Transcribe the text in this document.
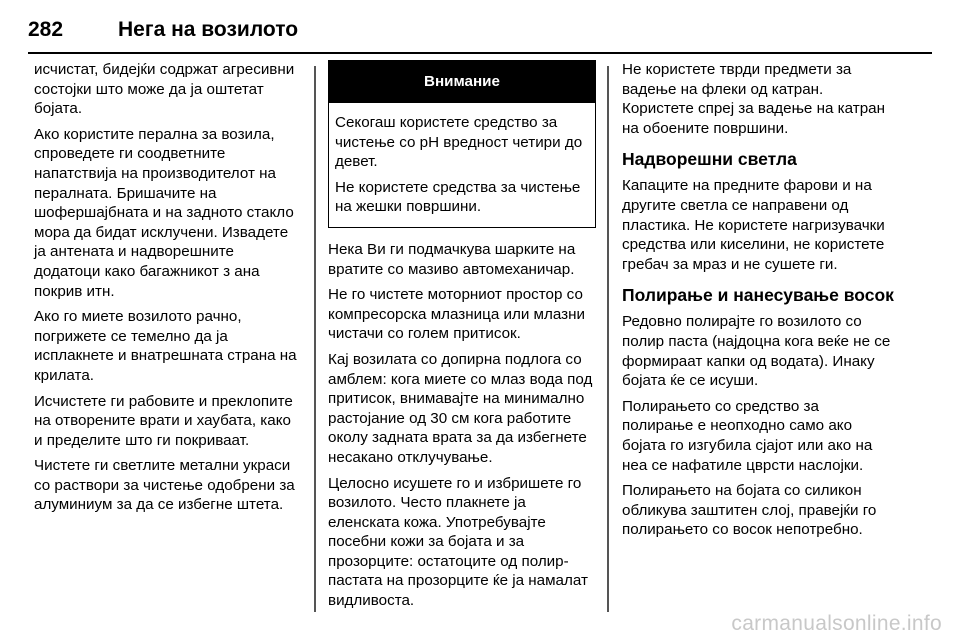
282	Нега на возилото

исчистат, бидејќи содржат агресивни состојки што може да ја оштетат бојата.

Ако користите перална за возила, спроведете ги соодветните напатствија на производителот на пералната. Бришачите на шофершајбната и на задното стакло мора да бидат исклучени. Извадете ја антената и надворешните додатоци како багажникот з ана покрив итн.

Ако го миете возилото рачно, погрижете се темелно да ја исплакнете и внатрешната страна на крилата.

Исчистете ги рабовите и преклопите на отворените врати и хаубата, како и пределите што ги покриваат.

Чистете ги светлите метални украси со раствори за чистење одобрени за алуминиум за да се избегне штета.

Внимание

Секогаш користете средство за чистење со pH вредност четири до девет.

Не користете средства за чистење на жешки површини.

Нека Ви ги подмачкува шарките на вратите со мазиво автомеханичар.

Не го чистете моторниот простор со компресорска млазница или млазни чистачи со голем притисок.

Кај возилата со допирна подлога со амблем: кога миете со млаз вода под притисок, внимавајте на минимално растојание од 30 см кога работите околу задната врата за да избегнете несакано отклучување.

Целосно исушете го и избришете го возилото. Често плакнете ја еленската кожа. Употребувајте посебни кожи за бојата и за прозорците: остатоците од полир-пастата на прозорците ќе ја намалат видливоста.

Не користете тврди предмети за вадење на флеки од катран. Користете спреј за вадење на катран на обоените површини.

Надворешни светла

Капаците на предните фарови и на другите светла се направени од пластика. Не користете нагризувачки средства или киселини, не користете гребач за мраз и не сушете ги.

Полирање и нанесување восок

Редовно полирајте го возилото со полир паста (најдоцна кога веќе не се формираат капки од водата). Инаку бојата ќе се исуши.

Полирањето со средство за полирање е неопходно само ако бојата го изгубила сјајот или ако на неа се нафатиле цврсти наслојки.

Полирањето на бојата со силикон обликува заштитен слој, правејќи го полирањето со восок непотребно.

carmanualsonline.info
